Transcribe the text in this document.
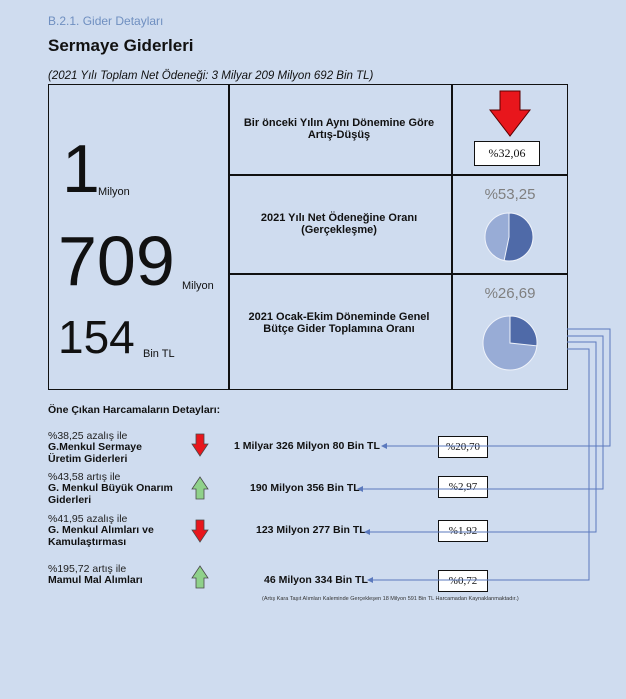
B.2.1. Gider Detayları
Sermaye Giderleri
(2021 Yılı Toplam Net Ödeneği: 3 Milyar 209 Milyon 692 Bin TL)
1
Milyon
709 Milyon
154 Bin TL
Bir önceki Yılın Aynı Dönemine Göre Artış-Düşüş
%32,06
2021 Yılı Net Ödeneğine Oranı (Gerçekleşme)
%53,25
2021 Ocak-Ekim Döneminde Genel Bütçe Gider Toplamına Oranı
%26,69
Öne Çıkan Harcamaların Detayları:
%38,25 azalış ile
G.Menkul Sermaye Üretim Giderleri
1 Milyar 326 Milyon 80 Bin TL	%20,70
%43,58 artış ile
G. Menkul Büyük Onarım Giderleri
190 Milyon 356 Bin TL	%2,97
%41,95 azalış ile
G. Menkul Alımları ve Kamulaştırması
123 Milyon 277 Bin TL	%1,92
%195,72 artış ile
Mamul Mal Alımları	46 Milyon 334 Bin TL	%0,72
(Artış Kara Taşıt Alımları Kaleminde Gerçekleşen 18 Milyon 591 Bin TL Harcamadan Kaynaklanmaktadır.)
